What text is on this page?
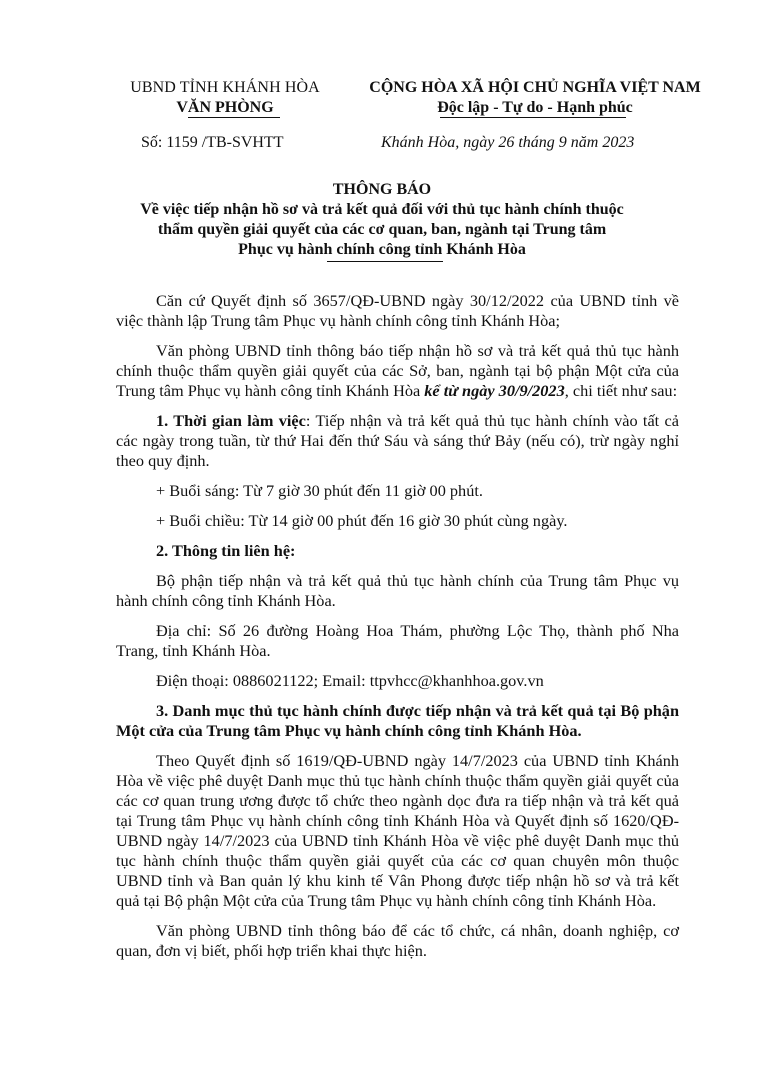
UBND TỈNH KHÁNH HÒA
VĂN PHÒNG
CỘNG HÒA XÃ HỘI CHỦ NGHĨA VIỆT NAM
Độc lập - Tự do - Hạnh phúc
Số: 1159 /TB-SVHTT	Khánh Hòa, ngày 26 tháng 9 năm 2023
THÔNG BÁO
Về việc tiếp nhận hồ sơ và trả kết quả đối với thủ tục hành chính thuộc
thẩm quyền giải quyết của các cơ quan, ban, ngành tại Trung tâm
Phục vụ hành chính công tỉnh Khánh Hòa

Căn cứ Quyết định số 3657/QĐ-UBND ngày 30/12/2022 của UBND tỉnh về việc thành lập Trung tâm Phục vụ hành chính công tỉnh Khánh Hòa;

Văn phòng UBND tỉnh thông báo tiếp nhận hồ sơ và trả kết quả thủ tục hành chính thuộc thẩm quyền giải quyết của các Sở, ban, ngành tại bộ phận Một cửa của Trung tâm Phục vụ hành công tỉnh Khánh Hòa kể từ ngày 30/9/2023, chi tiết như sau:

1. Thời gian làm việc: Tiếp nhận và trả kết quả thủ tục hành chính vào tất cả các ngày trong tuần, từ thứ Hai đến thứ Sáu và sáng thứ Bảy (nếu có), trừ ngày nghỉ theo quy định.

+ Buổi sáng: Từ 7 giờ 30 phút đến 11 giờ 00 phút.

+ Buổi chiều: Từ 14 giờ 00 phút đến 16 giờ 30 phút cùng ngày.

2. Thông tin liên hệ:

Bộ phận tiếp nhận và trả kết quả thủ tục hành chính của Trung tâm Phục vụ hành chính công tỉnh Khánh Hòa.

Địa chỉ: Số 26 đường Hoàng Hoa Thám, phường Lộc Thọ, thành phố Nha Trang, tỉnh Khánh Hòa.

Điện thoại: 0886021122; Email: ttpvhcc@khanhhoa.gov.vn

3. Danh mục thủ tục hành chính được tiếp nhận và trả kết quả tại Bộ phận Một cửa của Trung tâm Phục vụ hành chính công tỉnh Khánh Hòa.

Theo Quyết định số 1619/QĐ-UBND ngày 14/7/2023 của UBND tỉnh Khánh Hòa về việc phê duyệt Danh mục thủ tục hành chính thuộc thẩm quyền giải quyết của các cơ quan trung ương được tổ chức theo ngành dọc đưa ra tiếp nhận và trả kết quả tại Trung tâm Phục vụ hành chính công tỉnh Khánh Hòa và Quyết định số 1620/QĐ-UBND ngày 14/7/2023 của UBND tỉnh Khánh Hòa về việc phê duyệt Danh mục thủ tục hành chính thuộc thẩm quyền giải quyết của các cơ quan chuyên môn thuộc UBND tỉnh và Ban quản lý khu kinh tế Vân Phong được tiếp nhận hồ sơ và trả kết quả tại Bộ phận Một cửa của Trung tâm Phục vụ hành chính công tỉnh Khánh Hòa.

Văn phòng UBND tỉnh thông báo để các tổ chức, cá nhân, doanh nghiệp, cơ quan, đơn vị biết, phối hợp triển khai thực hiện.
